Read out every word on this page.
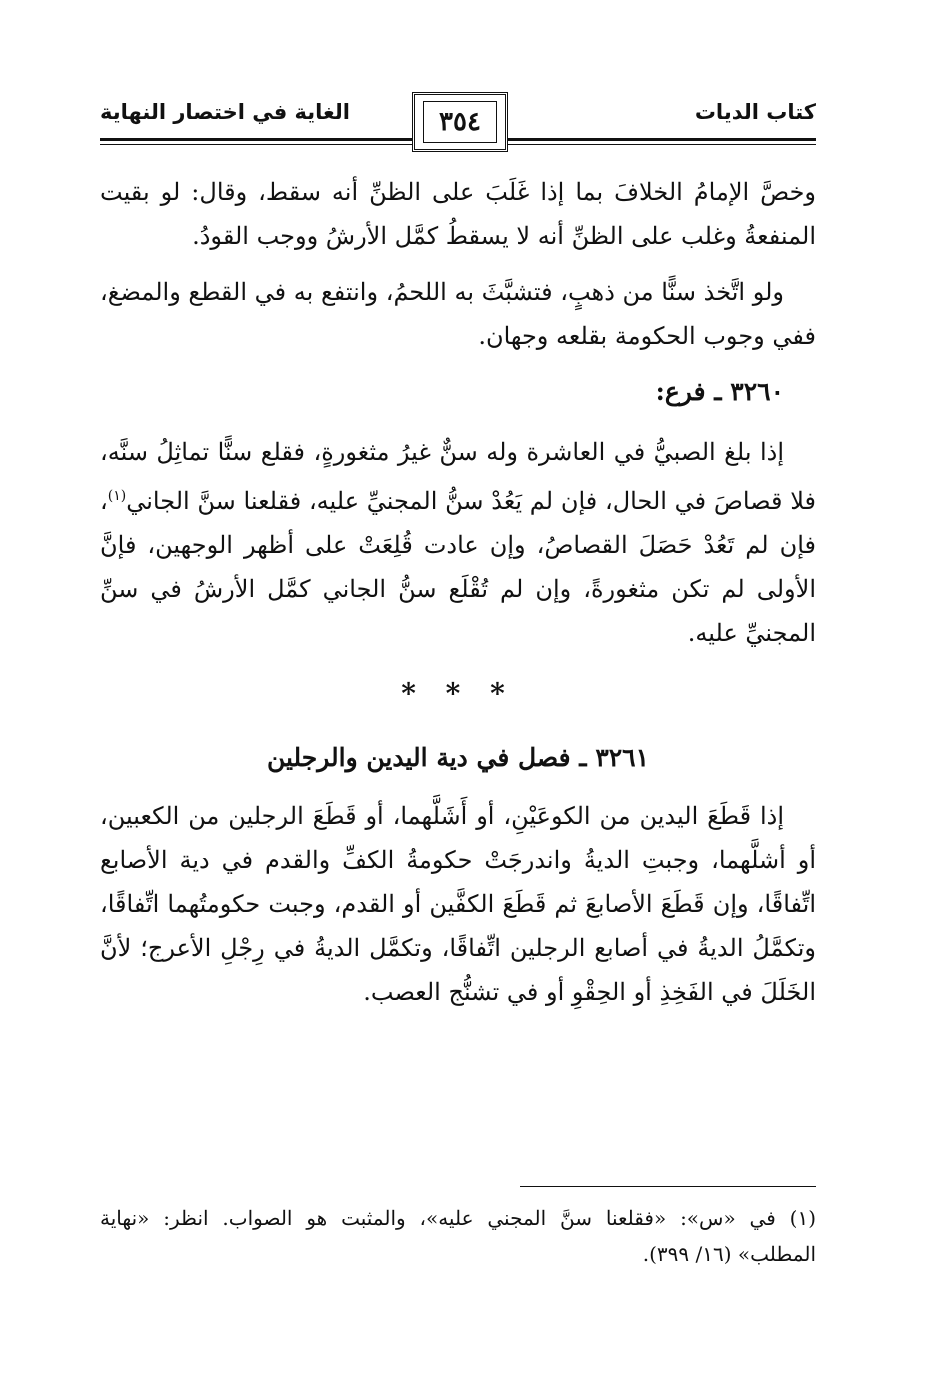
كتاب الديات
الغاية في اختصار النهاية	٣٥٤

وخصَّ الإمامُ الخلافَ بما إذا غَلَبَ على الظنِّ أنه سقط، وقال: لو بقيت المنفعةُ وغلب على الظنِّ أنه لا يسقطُ كمَّل الأرشُ ووجب القودُ.

ولو اتَّخذ سنًّا من ذهبٍ، فتشبَّثَ به اللحمُ، وانتفع به في القطع والمضغ، ففي وجوب الحكومة بقلعه وجهان.

٣٢٦٠ ـ فرع:

إذا بلغ الصبيُّ في العاشرة وله سنٌّ غيرُ مثغورةٍ، فقلع سنًّا تماثِلُ سنَّه، فلا قصاصَ في الحال، فإن لم يَعُدْ سنُّ المجنيِّ عليه، فقلعنا سنَّ الجاني$^{(١)}$، فإن لم تَعُدْ حَصَلَ القصاصُ، وإن عادت قُلِعَتْ على أظهر الوجهين، فإنَّ الأولى لم تكن مثغورةً، وإن لم تُقْلَع سنُّ الجاني كمَّل الأرشُ في سنِّ المجنيِّ عليه.

* * *
٣٢٦١ ـ فصل في دية اليدين والرجلين

إذا قَطَعَ اليدين من الكوعَيْنِ، أو أَشَلَّهما، أو قَطَعَ الرجلين من الكعبين، أو أشلَّهما، وجبتِ الديةُ واندرجَتْ حكومةُ الكفِّ والقدم في دية الأصابع اتِّفاقًا، وإن قَطَعَ الأصابعَ ثم قَطَعَ الكفَّين أو القدم، وجبت حكومتُهما اتِّفاقًا، وتكمَّلُ الديةُ في أصابع الرجلين اتِّفاقًا، وتكمَّل الديةُ في رِجْلِ الأعرج؛ لأنَّ الخَلَلَ في الفَخِذِ أو الحِقْوِ أو في تشنُّج العصب.

(١) في «س»: «فقلعنا سنَّ المجني عليه»، والمثبت هو الصواب. انظر: «نهاية المطلب» (١٦/ ٣٩٩).
